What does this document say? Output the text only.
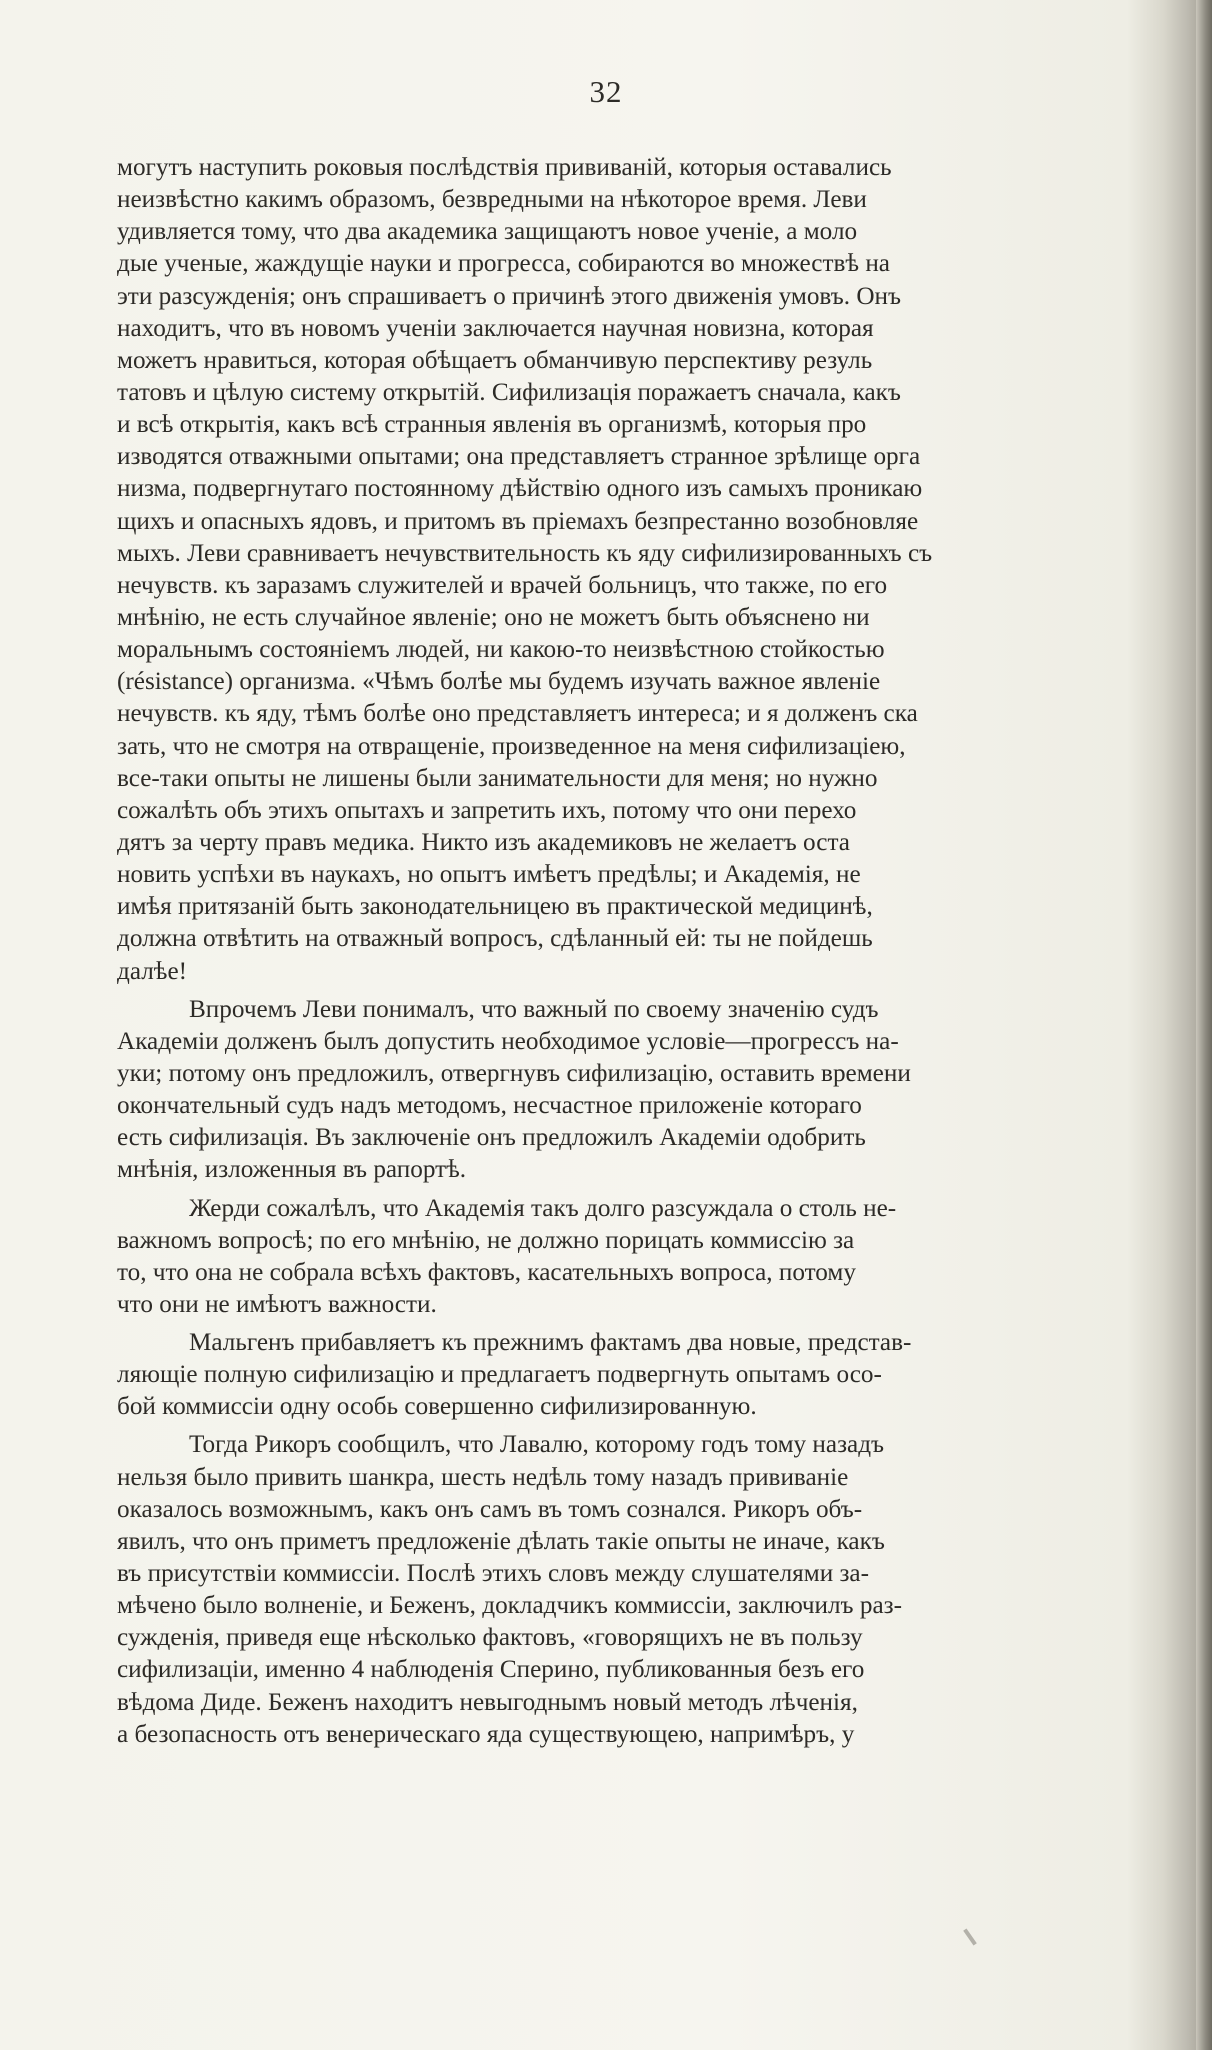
32
могутъ наступить роковыя послѣдствія прививаній, которыя оставались
неизвѣстно какимъ образомъ, безвредными на нѣкоторое время. Леви
удивляется тому, что два академика защищаютъ новое ученіе, а моло
дые ученые, жаждущіе науки и прогресса, собираются во множествѣ на
эти разсужденія; онъ спрашиваетъ о причинѣ этого движенія умовъ. Онъ
находитъ, что въ новомъ ученіи заключается научная новизна, которая
можетъ нравиться, которая обѣщаетъ обманчивую перспективу резуль
татовъ и цѣлую систему открытій. Сифилизація поражаетъ сначала, какъ
и всѣ открытія, какъ всѣ странныя явленія въ организмѣ, которыя про
изводятся отважными опытами; она представляетъ странное зрѣлище орга
низма, подвергнутаго постоянному дѣйствію одного изъ самыхъ проникаю
щихъ и опасныхъ ядовъ, и притомъ въ пріемахъ безпрестанно возобновляе
мыхъ. Леви сравниваетъ нечувствительность къ яду сифилизированныхъ съ
нечувств. къ заразамъ служителей и врачей больницъ, что также, по его
мнѣнію, не есть случайное явленіе; оно не можетъ быть объяснено ни
моральнымъ состояніемъ людей, ни какою-то неизвѣстною стойкостью
(résistance) организма. «Чѣмъ болѣе мы будемъ изучать важное явленіе
нечувств. къ яду, тѣмъ болѣе оно представляетъ интереса; и я долженъ ска
зать, что не смотря на отвращеніе, произведенное на меня сифилизаціею,
все-таки опыты не лишены были занимательности для меня; но нужно
сожалѣть объ этихъ опытахъ и запретить ихъ, потому что они перехо
дятъ за черту правъ медика. Никто изъ академиковъ не желаетъ оста
новить успѣхи въ наукахъ, но опытъ имѣетъ предѣлы; и Академія, не
имѣя притязаній быть законодательницею въ практической медицинѣ,
должна отвѣтить на отважный вопросъ, сдѣланный ей: ты не пойдешь
далѣе!
Впрочемъ Леви понималъ, что важный по своему значенію судъ
Академіи долженъ былъ допустить необходимое условіе—прогрессъ на-
уки; потому онъ предложилъ, отвергнувъ сифилизацію, оставить времени
окончательный судъ надъ методомъ, несчастное приложеніе котораго
есть сифилизація. Въ заключеніе онъ предложилъ Академіи одобрить
мнѣнія, изложенныя въ рапортѣ.
Жерди сожалѣлъ, что Академія такъ долго разсуждала о столь не-
важномъ вопросѣ; по его мнѣнію, не должно порицать коммиссію за
то, что она не собрала всѣхъ фактовъ, касательныхъ вопроса, потому
что они не имѣютъ важности.
Мальгенъ прибавляетъ къ прежнимъ фактамъ два новые, представ-
ляющіе полную сифилизацію и предлагаетъ подвергнуть опытамъ осо-
бой коммиссіи одну особь совершенно сифилизированную.
Тогда Рикоръ сообщилъ, что Лавалю, которому годъ тому назадъ
нельзя было привить шанкра, шесть недѣль тому назадъ прививаніе
оказалось возможнымъ, какъ онъ самъ въ томъ сознался. Рикоръ объ-
явилъ, что онъ приметъ предложеніе дѣлать такіе опыты не иначе, какъ
въ присутствіи коммиссіи. Послѣ этихъ словъ между слушателями за-
мѣчено было волненіе, и Беженъ, докладчикъ коммиссіи, заключилъ раз-
сужденія, приведя еще нѣсколько фактовъ, «говорящихъ не въ пользу
сифилизаціи, именно 4 наблюденія Сперино, публикованныя безъ его
вѣдома Диде. Беженъ находитъ невыгоднымъ новый методъ лѣченія,
а безопасность отъ венерическаго яда существующею, напримѣръ, у
